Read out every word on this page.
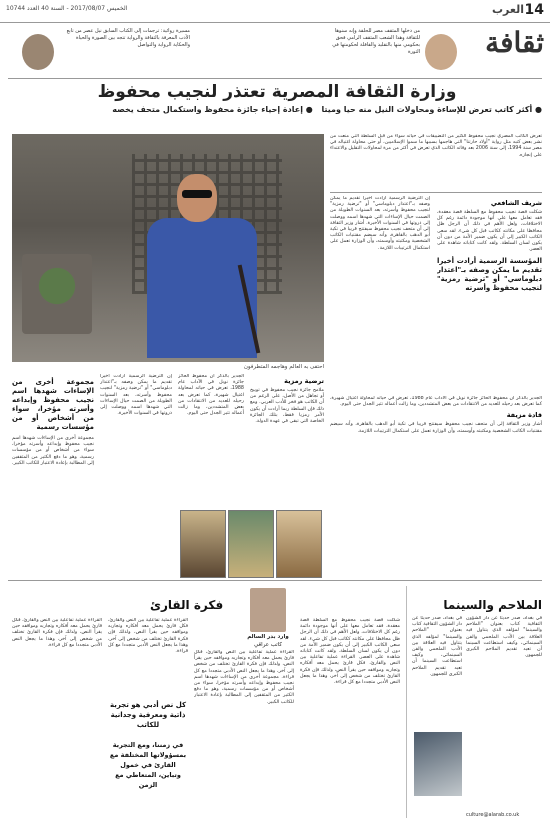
14
العرب
الخميس 2017/08/07 - السنة 40 العدد 10744
ثقافة
من دخلها المثقف مصر للحلقة وإنه سنوها للثقافة وهذا الشعب المثقف الرامي فحق بحكومي منها بالتقليد والقافلة لحكومتها في الثورة
مسيرة روائية: ترجمات إلى الكتاب السابق نيل عصر من تابع الأدب المعرفة بالثقافة والرواية تتجه بين الصورة والحياة والحكاية الرواية والتواصل
وزارة الثقافة المصرية تعتذر لنجيب محفوظ
● أكثر كاتب تعرض للإساءة ومحاولات النيل منه حيا وميتا ● إعادة إحياء جائزة محفوظ واستكمال متحف يخصه
احتفى به العالم وهاجمه المتطرفون
تعرض الكاتب المصري نجيب محفوظ الكثير من التضييقات في حياته سواء من قبل السلطة التي منعت من نشر بعض كتبه مثل رواية "أولاد حارتنا" التي هاجمها بسببها ما سموا الإسلاميين، أو حتى محاولة اغتياله في مصر سنة 1994، إلى سنة 2006 بعد وفاته الكاتب الذي تعرض في أكثر من مرة لمحاولات التقليل والاعتداء على إنجازه.
شريف الشافعي
شكلت قصة نجيب محفوظ مع السلطة قصة معقدة، فقد تعامل معها على أنها موجودة دائمة رغم كل الاختلافات، ولعل الأهم في ذلك أن الرجل ظل محافظا على مكانته ككاتب قبل كل شيء. لقد سعى الكاتب الكبير إلى أن يكون ضمير الأمة من دون أن يكون لسان السلطة. ولقد كانت كتاباته شاهدة على العصر.
المؤسسة الرسمية أرادت أخيرا تقديم ما يمكن وصفه بـ"اعتذار دبلوماسي" أو "ترضية رمزية" لنجيب محفوظ وأسرته
إن الترضية الرسمية أرادت أخيرا تقديم ما يمكن وصفه بـ"اعتذار دبلوماسي" أو "ترضية رمزية" لنجيب محفوظ وأسرته، بعد السنوات الطويلة من الصمت حيال الإساءات التي شهدها اسمه ووصلت إلى ذروتها في السنوات الأخيرة. أشار وزير الثقافة إلى أن متحف نجيب محفوظ سيفتتح قريبا في تكية أبو الدهب بالقاهرة، وأنه سيضم مقتنيات الكاتب الشخصية ومكتبته وأوسمته، وأن الوزارة تعمل على استكمال الترتيبات اللازمة.
ترضية رمزية
ملامح جائزة نجيب محفوظ في توبيخ أو تجاهل من الأصل، على الرغم من أن الكاتب هو فخر للأدب العربي. ومع ذلك فإن السلطة ربما أرادت أن يكون الأمر رمزيا فقط، بتلك الجائزة الخاصة التي تبقى في عهدة الدولة.
الجدير بالذكر أن محفوظ الحائز جائزة نوبل في الآداب عام 1988، تعرض في حياته لمحاولة اغتيال شهيرة، كما تعرض بعد رحيله للعديد من الانتقادات من بعض المتشددين، وما زالت أعماله تثير الجدل حتى اليوم.
إن الترضية الرسمية أرادت أخيرا تقديم ما يمكن وصفه بـ"اعتذار دبلوماسي" أو "ترضية رمزية" لنجيب محفوظ وأسرته، بعد السنوات الطويلة من الصمت حيال الإساءات التي شهدها اسمه ووصلت إلى ذروتها في السنوات الأخيرة.
مجموعة أخرى من الإساءات شهدها اسم نجيب محفوظ وإبداعه وأسرته مؤخرا، سواء من أشخاص أو من مؤسسات رسمية
مجموعة أخرى من الإساءات شهدها اسم نجيب محفوظ وإبداعه وأسرته مؤخرا، سواء من أشخاص أو من مؤسسات رسمية، وهو ما دفع الكثير من المثقفين إلى المطالبة بإعادة الاعتبار للكاتب الكبير.
الجدير بالذكر أن محفوظ الحائز جائزة نوبل في الآداب عام 1988، تعرض في حياته لمحاولة اغتيال شهيرة، كما تعرض بعد رحيله للعديد من الانتقادات من بعض المتشددين، وما زالت أعماله تثير الجدل حتى اليوم.
قادة مزيفة
أشار وزير الثقافة إلى أن متحف نجيب محفوظ سيفتتح قريبا في تكية أبو الدهب بالقاهرة، وأنه سيضم مقتنيات الكاتب الشخصية ومكتبته وأوسمته، وأن الوزارة تعمل على استكمال الترتيبات اللازمة.
فكرة القارئ
وارد بدر السالم
كاتب عراقي
القراءة عملية تفاعلية بين النص والقارئ، فكل قارئ يحمل معه أفكاره وتجاربه ومواقفه حين يقرأ النص، ولذلك فإن فكرة القارئ تختلف من شخص إلى آخر، وهذا ما يجعل النص الأدبي متجددا مع كل قراءة.
كل نص أدبي هو تجربة ذاتية ومعرفية وجدانية للكاتب
في زمننا، ومع التجربة بمسؤولاتها المختلفة مع القارئ في خمول وتباين، المتعاطي مع الزمن
القراءة عملية تفاعلية بين النص والقارئ، فكل قارئ يحمل معه أفكاره وتجاربه ومواقفه حين يقرأ النص، ولذلك فإن فكرة القارئ تختلف من شخص إلى آخر، وهذا ما يجعل النص الأدبي متجددا مع كل قراءة. القراءة عملية تفاعلية بين النص والقارئ، فكل قارئ يحمل معه أفكاره وتجاربه ومواقفه حين يقرأ النص، ولذلك فإن فكرة القارئ تختلف من شخص إلى آخر، وهذا ما يجعل النص الأدبي متجددا مع كل قراءة. مجموعة أخرى من الإساءات شهدها اسم نجيب محفوظ وإبداعه وأسرته مؤخرا، سواء من أشخاص أو من مؤسسات رسمية، وهو ما دفع الكثير من المثقفين إلى المطالبة بإعادة الاعتبار للكاتب الكبير.
شكلت قصة نجيب محفوظ مع السلطة قصة معقدة، فقد تعامل معها على أنها موجودة دائمة رغم كل الاختلافات، ولعل الأهم في ذلك أن الرجل ظل محافظا على مكانته ككاتب قبل كل شيء. لقد سعى الكاتب الكبير إلى أن يكون ضمير الأمة من دون أن يكون لسان السلطة. ولقد كانت كتاباته شاهدة على العصر. القراءة عملية تفاعلية بين النص والقارئ، فكل قارئ يحمل معه أفكاره وتجاربه ومواقفه حين يقرأ النص، ولذلك فإن فكرة القارئ تختلف من شخص إلى آخر، وهذا ما يجعل النص الأدبي متجددا مع كل قراءة.
الملاحم والسينما
في بغداد، صدر حديثا عن دار الشؤون الثقافية كتاب بعنوان "الملاحم والسينما" لمؤلفه الذي يتناول فيه العلاقة بين الأدب الملحمي والفن السينمائي، وكيف استطاعت السينما أن تعيد تقديم الملاحم الكبرى للجمهور.
في بغداد، صدر حديثا عن دار الشؤون الثقافية كتاب بعنوان "الملاحم والسينما" لمؤلفه الذي يتناول فيه العلاقة بين الأدب الملحمي والفن السينمائي، وكيف استطاعت السينما أن تعيد تقديم الملاحم الكبرى للجمهور.
culture@alarab.co.uk
